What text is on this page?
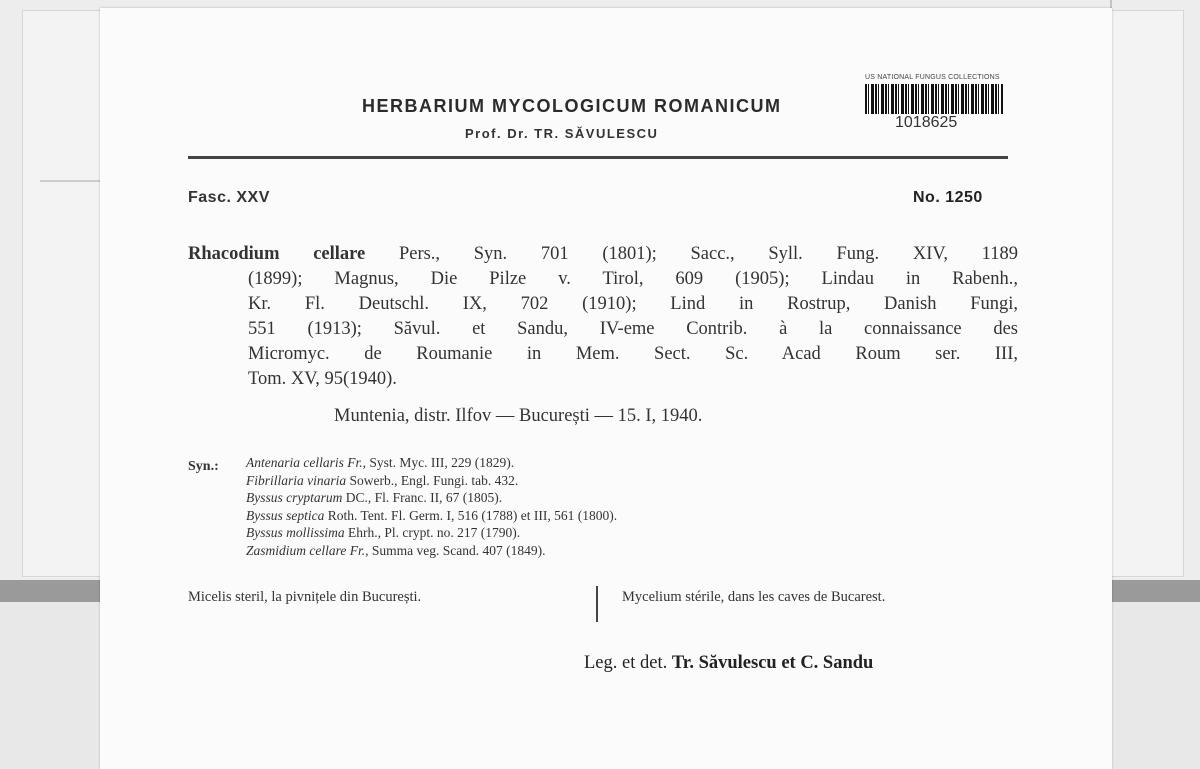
HERBARIUM MYCOLOGICUM ROMANICUM
Prof. Dr. TR. SĂVULESCU
US NATIONAL FUNGUS COLLECTIONS
1018625
Fasc. XXV	No. 1250
Rhacodium cellare Pers., Syn. 701 (1801); Sacc., Syll. Fung. XIV, 1189
(1899); Magnus, Die Pilze v. Tirol, 609 (1905); Lindau in Rabenh.,
Kr. Fl. Deutschl. IX, 702 (1910); Lind in Rostrup, Danish Fungi,
551 (1913); Săvul. et Sandu, IV-eme Contrib. à la connaissance des
Micromyc. de Roumanie in Mem. Sect. Sc. Acad Roum ser. III,
Tom. XV, 95(1940).
Muntenia, distr. Ilfov — București — 15. I, 1940.
Syn.:	Antenaria cellaris Fr., Syst. Myc. III, 229 (1829).
Fibrillaria vinaria Sowerb., Engl. Fungi. tab. 432.
Byssus cryptarum DC., Fl. Franc. II, 67 (1805).
Byssus septica Roth. Tent. Fl. Germ. I, 516 (1788) et III, 561 (1800).
Byssus mollissima Ehrh., Pl. crypt. no. 217 (1790).
Zasmidium cellare Fr., Summa veg. Scand. 407 (1849).
Micelis steril, la pivnițele din București.	Mycelium stérile, dans les caves de Bucarest.
Leg. et det. Tr. Săvulescu et C. Sandu
